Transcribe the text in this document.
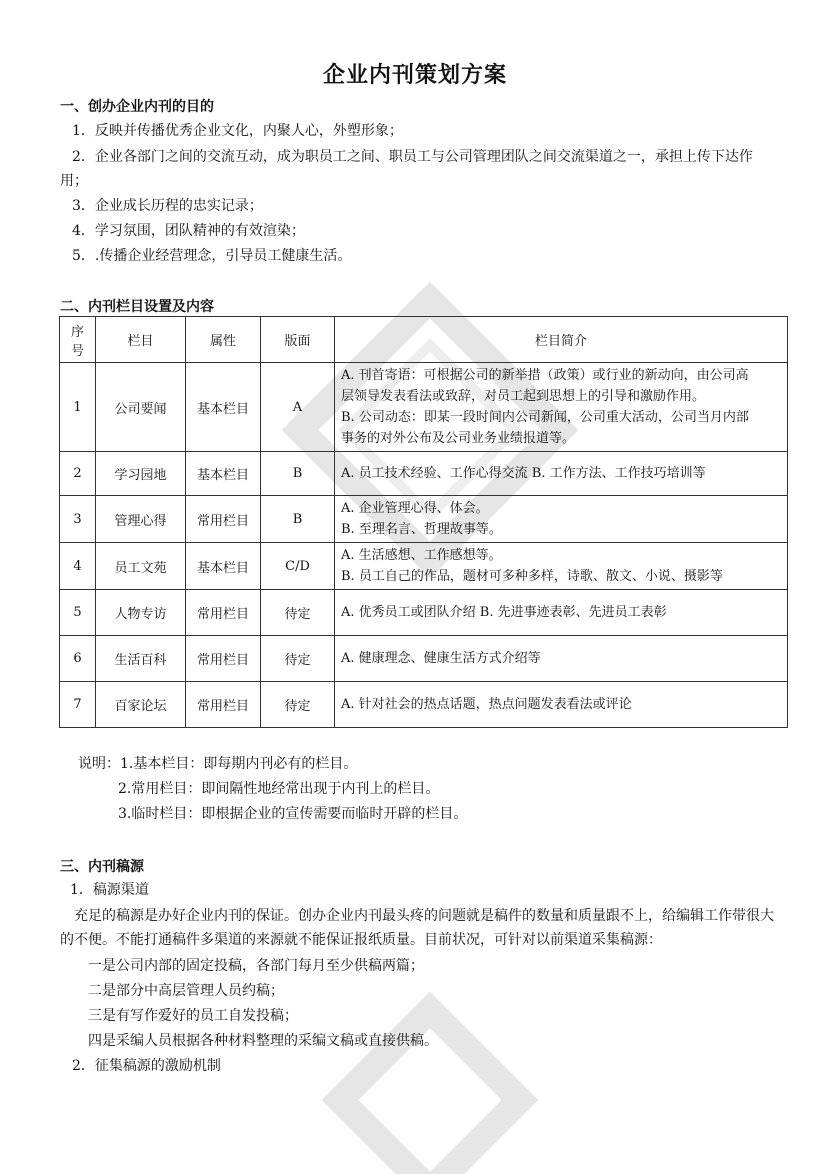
企业内刊策划方案
一、创办企业内刊的目的
1．反映并传播优秀企业文化，内聚人心，外塑形象；
2．企业各部门之间的交流互动，成为职员工之间、职员工与公司管理团队之间交流渠道之一，承担上传下达作
用；
3．企业成长历程的忠实记录；
4．学习氛围，团队精神的有效渲染；
5．.传播企业经营理念，引导员工健康生活。
二、内刊栏目设置及内容
序
号	栏目	属性	版面	栏目简介
1	公司要闻	基本栏目	A	A. 刊首寄语：可根据公司的新举措（政策）或行业的新动向，由公司高
层领导发表看法或致辞，对员工起到思想上的引导和激励作用。
B. 公司动态：即某一段时间内公司新闻，公司重大活动，公司当月内部
事务的对外公布及公司业务业绩报道等。

2	学习园地	基本栏目	B	A. 员工技术经验、工作心得交流 B. 工作方法、工作技巧培训等

3	管理心得	常用栏目	B	A. 企业管理心得、体会。
B. 至理名言、哲理故事等。

4	员工文苑	基本栏目	C/D	A. 生活感想、工作感想等。
B. 员工自己的作品，题材可多种多样，诗歌、散文、小说、摄影等

5	人物专访	常用栏目	待定	A. 优秀员工或团队介绍 B. 先进事迹表彰、先进员工表彰

6	生活百科	常用栏目	待定	A. 健康理念、健康生活方式介绍等

7	百家论坛	常用栏目	待定	A. 针对社会的热点话题，热点问题发表看法或评论
说明：1.基本栏目：即每期内刊必有的栏目。
2.常用栏目：即间隔性地经常出现于内刊上的栏目。
3.临时栏目：即根据企业的宣传需要而临时开辟的栏目。
三、内刊稿源
1．稿源渠道
充足的稿源是办好企业内刊的保证。创办企业内刊最头疼的问题就是稿件的数量和质量跟不上，给编辑工作带很大的不便。不能打通稿件多渠道的来源就不能保证报纸质量。目前状况，可针对以前渠道采集稿源：
一是公司内部的固定投稿，各部门每月至少供稿两篇；
二是部分中高层管理人员约稿；
三是有写作爱好的员工自发投稿；
四是采编人员根据各种材料整理的采编文稿或直接供稿。
2．征集稿源的激励机制
